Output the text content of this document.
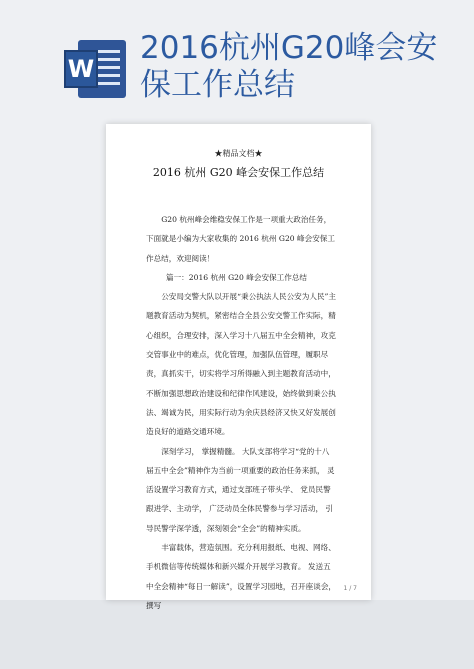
W
2016杭州G20峰会安保工作总结
★精品文档★
2016 杭州 G20 峰会安保工作总结

G20 杭州峰会维稳安保工作是一项重大政治任务，下面就是小编为大家收集的 2016 杭州 G20 峰会安保工作总结，欢迎阅读！

篇一：2016 杭州 G20 峰会安保工作总结

公安局交警大队以开展“秉公执法人民公安为人民”主题教育活动为契机，紧密结合全县公安交警工作实际，精心组织，合理安排，深入学习十八届五中全会精神，攻克交管事业中的难点，优化管理，加强队伍管理，履职尽责，真抓实干，切实将学习所得融入到主题教育活动中，不断加强思想政治建设和纪律作风建设，始终做到秉公执法、竭诚为民，用实际行动为余庆县经济又快又好发展创造良好的道路交通环境。

深刻学习， 掌握精髓。 大队支部将学习“党的十八届五中全会”精神作为当前一项重要的政治任务来抓， 灵活设置学习教育方式，通过支部班子带头学、 党员民警跟进学、主动学， 广泛动员全体民警参与学习活动， 引导民警学深学透，深刻领会“全会”的精神实质。

丰富载体，营造氛围。充分利用报纸、电视、网络、手机微信等传统媒体和新兴媒介开展学习教育。 发送五中全会精神“每日一解读”，设置学习园地，召开座谈会， 撰写

1 / 7
